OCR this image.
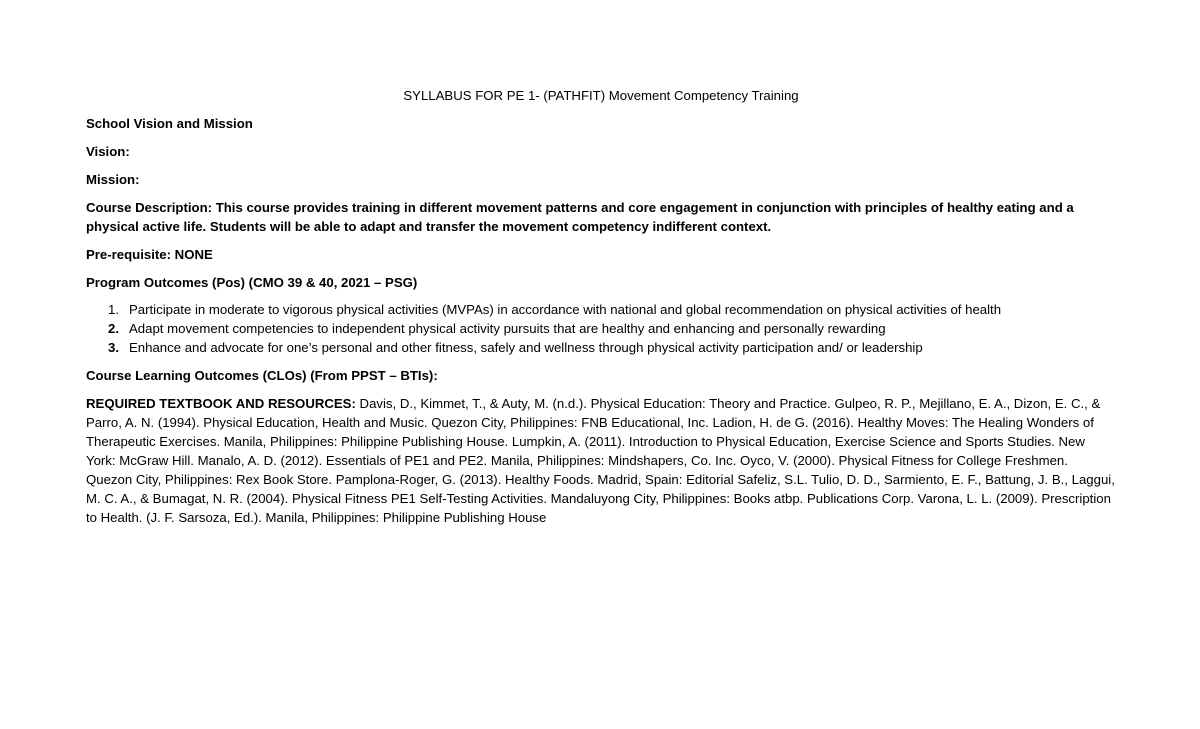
SYLLABUS FOR PE 1- (PATHFIT) Movement Competency Training

School Vision and Mission

Vision:

Mission:

Course Description: This course provides training in different movement patterns and core engagement in conjunction with principles of healthy eating and a physical active life. Students will be able to adapt and transfer the movement competency indifferent context.

Pre-requisite: NONE

Program Outcomes (Pos) (CMO 39 & 40, 2021 – PSG)

1. Participate in moderate to vigorous physical activities (MVPAs) in accordance with national and global recommendation on physical activities of health
2. Adapt movement competencies to independent physical activity pursuits that are healthy and enhancing and personally rewarding
3. Enhance and advocate for one’s personal and other fitness, safely and wellness through physical activity participation and/ or leadership

Course Learning Outcomes (CLOs) (From PPST – BTIs):

REQUIRED TEXTBOOK AND RESOURCES: Davis, D., Kimmet, T., & Auty, M. (n.d.). Physical Education: Theory and Practice. Gulpeo, R. P., Mejillano, E. A., Dizon, E. C., & Parro, A. N. (1994). Physical Education, Health and Music. Quezon City, Philippines: FNB Educational, Inc. Ladion, H. de G. (2016). Healthy Moves: The Healing Wonders of Therapeutic Exercises. Manila, Philippines: Philippine Publishing House. Lumpkin, A. (2011). Introduction to Physical Education, Exercise Science and Sports Studies. New York: McGraw Hill. Manalo, A. D. (2012). Essentials of PE1 and PE2. Manila, Philippines: Mindshapers, Co. Inc. Oyco, V. (2000). Physical Fitness for College Freshmen. Quezon City, Philippines: Rex Book Store. Pamplona-Roger, G. (2013). Healthy Foods. Madrid, Spain: Editorial Safeliz, S.L. Tulio, D. D., Sarmiento, E. F., Battung, J. B., Laggui, M. C. A., & Bumagat, N. R. (2004). Physical Fitness PE1 Self-Testing Activities. Mandaluyong City, Philippines: Books atbp. Publications Corp. Varona, L. L. (2009). Prescription to Health. (J. F. Sarsoza, Ed.). Manila, Philippines: Philippine Publishing House
